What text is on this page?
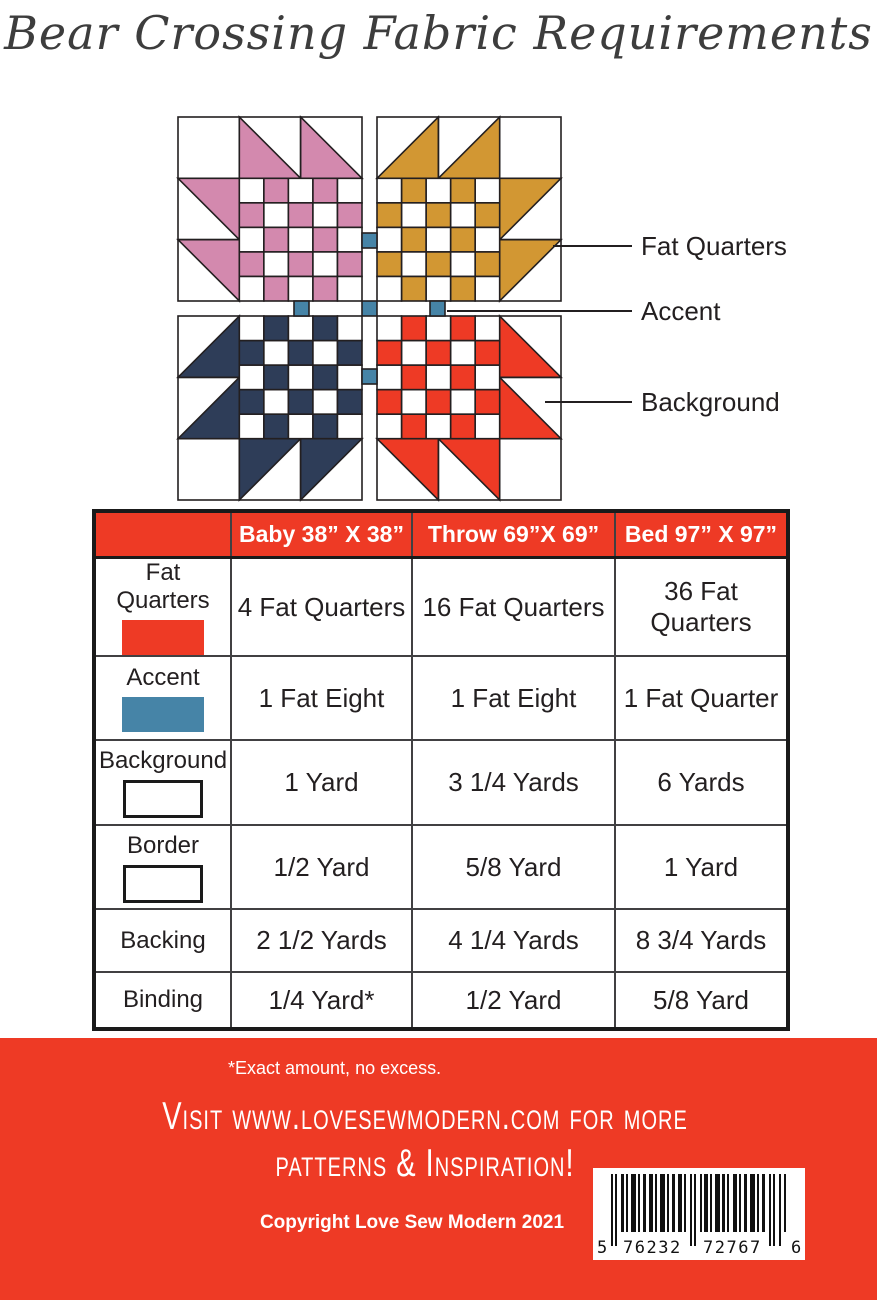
Bear Crossing Fabric Requirements
Fat Quarters
Accent
Background
	Baby 38” X 38”	Throw 69”X 69”	Bed 97” X 97”

Fat Quarters	4 Fat Quarters	16 Fat Quarters	36 Fat Quarters

Accent	1 Fat Eight	1 Fat Eight	1 Fat Quarter

Background	1 Yard	3 1/4 Yards	6 Yards

Border	1/2 Yard	5/8 Yard	1 Yard

Backing	2 1/2 Yards	4 1/4 Yards	8 3/4 Yards

Binding	1/4 Yard*	1/2 Yard	5/8 Yard
*Exact amount, no excess.
Visit www.lovesewmodern.com for more
patterns & Inspiration!
Copyright Love Sew Modern 2021
5 76232 72767 6
